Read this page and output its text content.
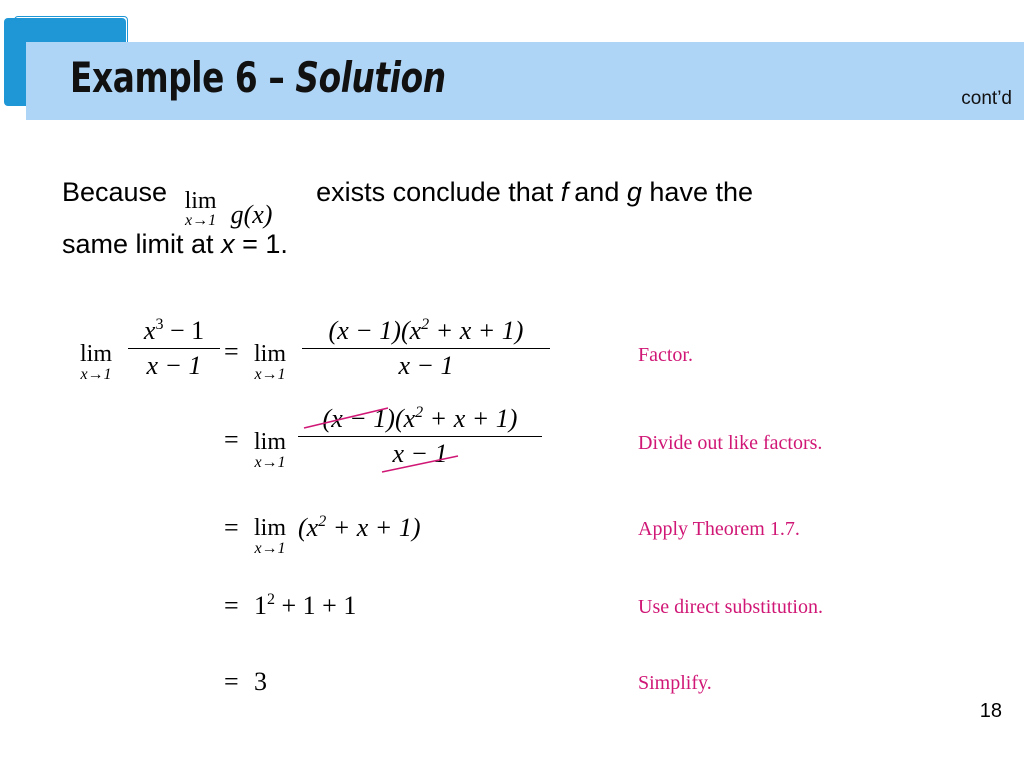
Example 6 – Solution	cont’d
Because lim
x→1 g(x)
exists conclude that f and g have the
same limit at x = 1.
lim
x→1
$x^3 - 1$
x − 1 = lim
x→1
$(x - 1)(x^2 + x + 1)$
x − 1	Factor.
= lim
x→1
$(x - 1)(x^2 + x + 1)$
x − 1	Divide out like factors.
= lim
x→1
$(x^2 + x + 1)$	Apply Theorem 1.7.
= $1^2 + 1 + 1$	Use direct substitution.
= 3	Simplify.
18
